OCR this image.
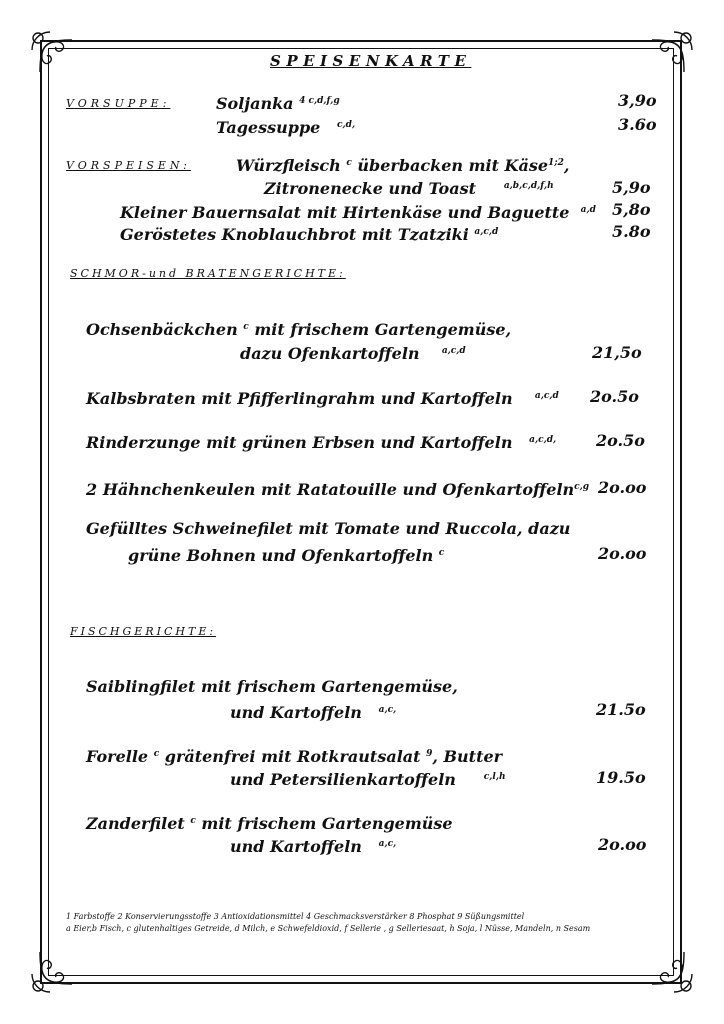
SPEISENKARTE
VORSUPPE:	Soljanka $^{4 c,d,f,g}$	3,9o
Tagessuppe $^{c,d,}$	3.6o
VORSPEISEN:	Würzfleisch $^c$ überbacken mit Käse$^{1;2}$,
Zitronenecke und Toast	$^{a,b,c,d,f,h}$	5,9o
Kleiner Bauernsalat mit Hirtenkäse und Baguette $^{a,d}$ 5,8o
Geröstetes Knoblauchbrot mit Tzatziki $^{a,c,d}$	5.8o
SCHMOR-und BRATENGERICHTE:
Ochsenbäckchen $^c$ mit frischem Gartengemüse,
dazu Ofenkartoffeln $^{a,c,d}$	21,5o
Kalbsbraten mit Pfifferlingrahm und Kartoffeln $^{a,c,d}$ 2o.5o
Rinderzunge mit grünen Erbsen und Kartoffeln $^{a,c,d,}$ 2o.5o
2 Hähnchenkeulen mit Ratatouille und Ofenkartoffeln$^{c,g}$ 2o.oo
Gefülltes Schweinefilet mit Tomate und Ruccola, dazu
grüne Bohnen und Ofenkartoffeln $^c$	2o.oo
FISCHGERICHTE:
Saiblingfilet mit frischem Gartengemüse,
und Kartoffeln $^{a,c,}$	21.5o
Forelle $^c$ grätenfrei mit Rotkrautsalat $^9$, Butter
und Petersilienkartoffeln	$^{c,l,h}$	19.5o
Zanderfilet $^c$ mit frischem Gartengemüse
und Kartoffeln $^{a,c,}$	2o.oo
1 Farbstoffe 2 Konservierungsstoffe 3 Antioxidationsmittel 4 Geschmacksverstärker 8 Phosphat 9 Süßungsmittel
a Eier,b Fisch, c glutenhaltiges Getreide, d Milch, e Schwefeldioxid, f Sellerie , g Selleriesaat, h Soja, l Nüsse, Mandeln, n Sesam
